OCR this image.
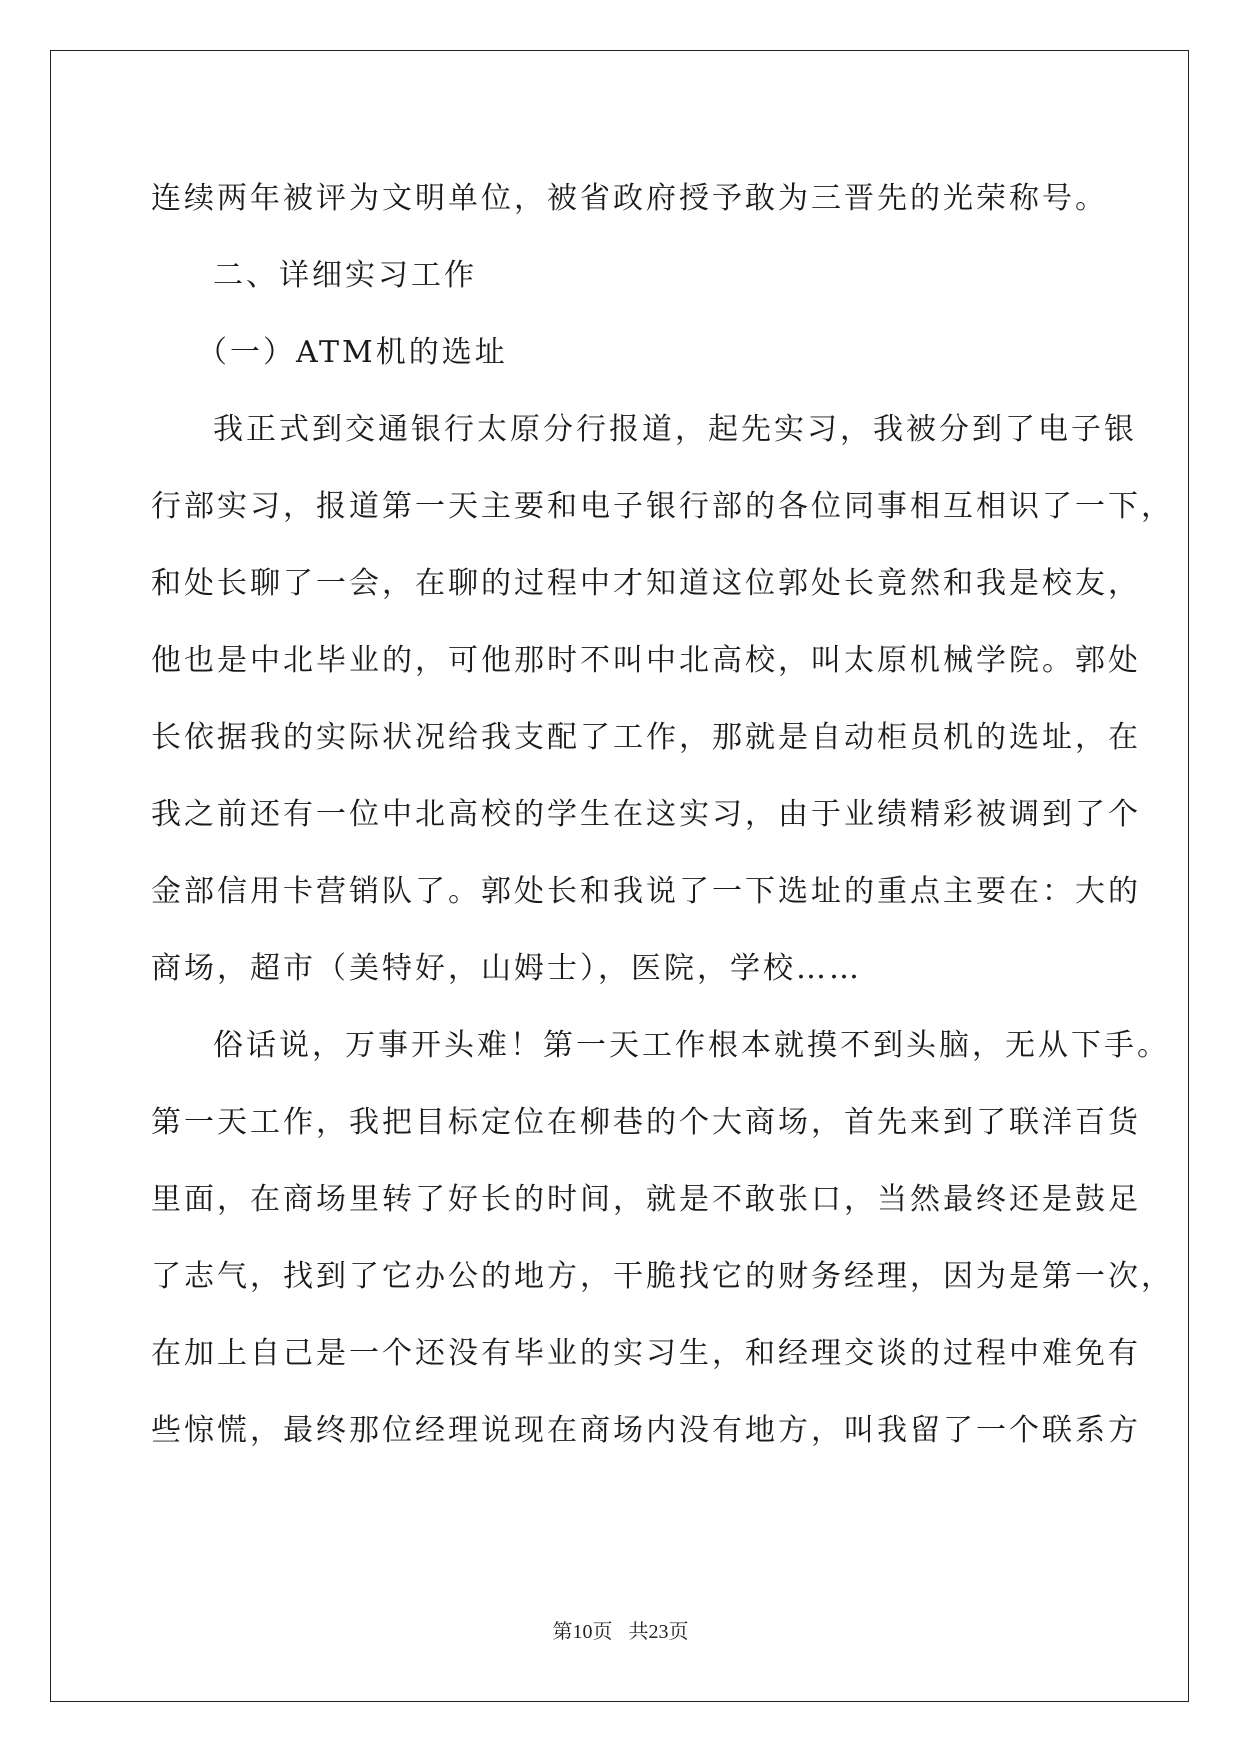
连续两年被评为文明单位，被省政府授予敢为三晋先的光荣称号。
二、详细实习工作
（一）ATM机的选址
我正式到交通银行太原分行报道，起先实习，我被分到了电子银
行部实习，报道第一天主要和电子银行部的各位同事相互相识了一下，
和处长聊了一会，在聊的过程中才知道这位郭处长竟然和我是校友，
他也是中北毕业的，可他那时不叫中北高校，叫太原机械学院。郭处
长依据我的实际状况给我支配了工作，那就是自动柜员机的选址，在
我之前还有一位中北高校的学生在这实习，由于业绩精彩被调到了个
金部信用卡营销队了。郭处长和我说了一下选址的重点主要在：大的
商场，超市（美特好，山姆士），医院，学校……
俗话说，万事开头难！第一天工作根本就摸不到头脑，无从下手。
第一天工作，我把目标定位在柳巷的个大商场，首先来到了联洋百货
里面，在商场里转了好长的时间，就是不敢张口，当然最终还是鼓足
了志气，找到了它办公的地方，干脆找它的财务经理，因为是第一次，
在加上自己是一个还没有毕业的实习生，和经理交谈的过程中难免有
些惊慌，最终那位经理说现在商场内没有地方，叫我留了一个联系方
第10页 共23页
